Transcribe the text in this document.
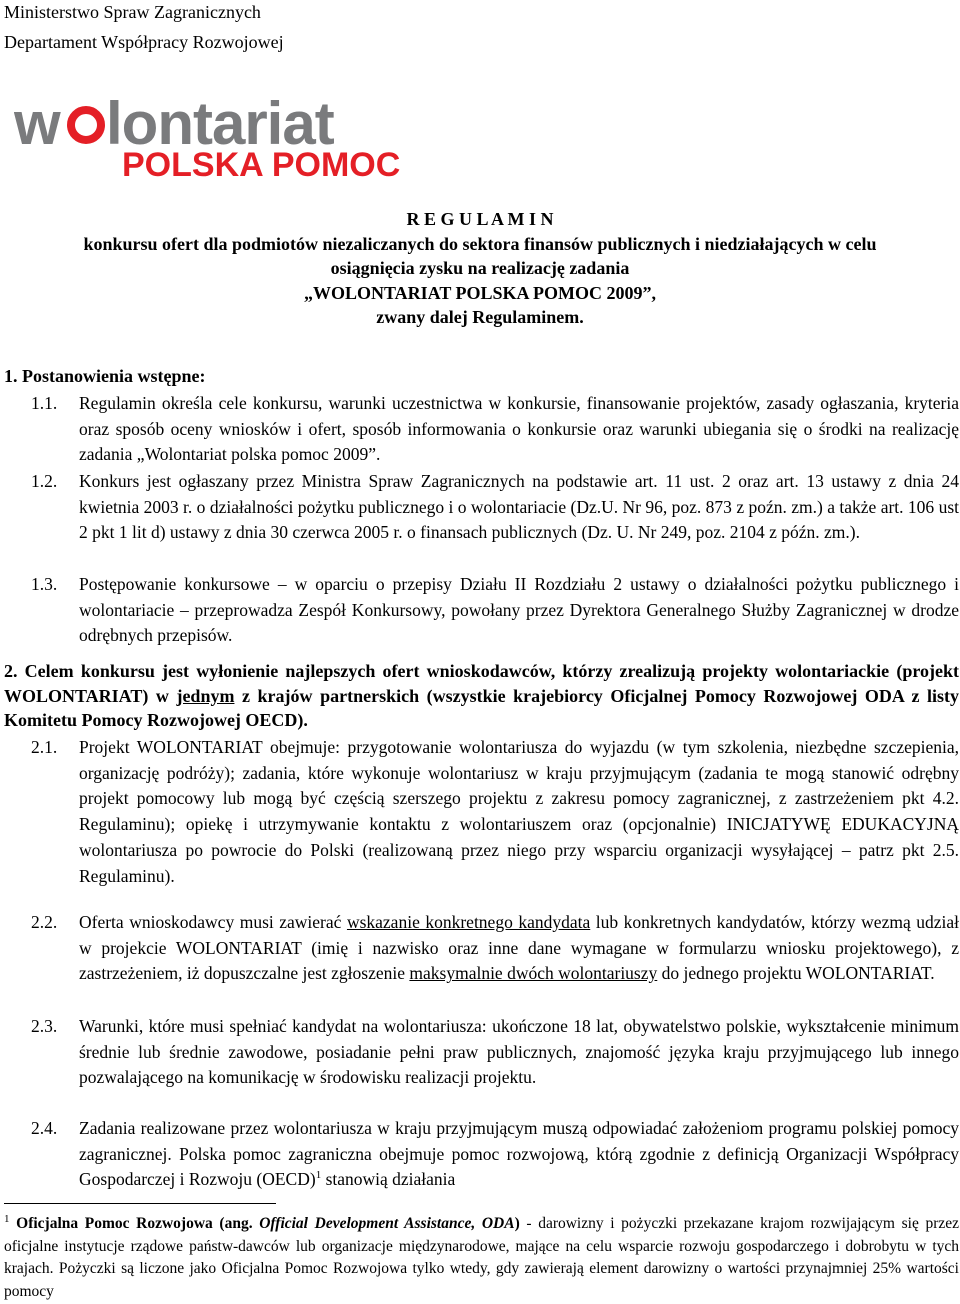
Ministerstwo Spraw Zagranicznych
Departament Współpracy Rozwojowej
w lontariat
POLSKA POMOC
R E G U L A M I N
konkursu ofert dla podmiotów niezaliczanych do sektora finansów publicznych i niedziałających w celu
osiągnięcia zysku na realizację zadania
„WOLONTARIAT POLSKA POMOC 2009”,
zwany dalej Regulaminem.
1. Postanowienia wstępne:
1.1. Regulamin określa cele konkursu, warunki uczestnictwa w konkursie, finansowanie projektów, zasady ogłaszania, kryteria oraz sposób oceny wniosków i ofert, sposób informowania o konkursie oraz warunki ubiegania się o środki na realizację zadania „Wolontariat polska pomoc 2009”.
1.2. Konkurs jest ogłaszany przez Ministra Spraw Zagranicznych na podstawie art. 11 ust. 2 oraz art. 13 ustawy z dnia 24 kwietnia 2003 r. o działalności pożytku publicznego i o wolontariacie (Dz.U. Nr 96, poz. 873 z poźn. zm.) a także art. 106 ust 2 pkt 1 lit d) ustawy z dnia 30 czerwca 2005 r. o finansach publicznych (Dz. U. Nr 249, poz. 2104 z późn. zm.).
1.3. Postępowanie konkursowe – w oparciu o przepisy Działu II Rozdziału 2 ustawy o działalności pożytku publicznego i wolontariacie – przeprowadza Zespół Konkursowy, powołany przez Dyrektora Generalnego Służby Zagranicznej w drodze odrębnych przepisów.
2. Celem konkursu jest wyłonienie najlepszych ofert wnioskodawców, którzy zrealizują projekty wolontariackie (projekt WOLONTARIAT) w jednym z krajów partnerskich (wszystkie krajebiorcy Oficjalnej Pomocy Rozwojowej ODA z listy Komitetu Pomocy Rozwojowej OECD).
2.1. Projekt WOLONTARIAT obejmuje: przygotowanie wolontariusza do wyjazdu (w tym szkolenia, niezbędne szczepienia, organizację podróży); zadania, które wykonuje wolontariusz w kraju przyjmującym (zadania te mogą stanowić odrębny projekt pomocowy lub mogą być częścią szerszego projektu z zakresu pomocy zagranicznej, z zastrzeżeniem pkt 4.2. Regulaminu); opiekę i utrzymywanie kontaktu z wolontariuszem oraz (opcjonalnie) INICJATYWĘ EDUKACYJNĄ wolontariusza po powrocie do Polski (realizowaną przez niego przy wsparciu organizacji wysyłającej – patrz pkt 2.5. Regulaminu).
2.2. Oferta wnioskodawcy musi zawierać wskazanie konkretnego kandydata lub konkretnych kandydatów, którzy wezmą udział w projekcie WOLONTARIAT (imię i nazwisko oraz inne dane wymagane w formularzu wniosku projektowego), z zastrzeżeniem, iż dopuszczalne jest zgłoszenie maksymalnie dwóch wolontariuszy do jednego projektu WOLONTARIAT.
2.3. Warunki, które musi spełniać kandydat na wolontariusza: ukończone 18 lat, obywatelstwo polskie, wykształcenie minimum średnie lub średnie zawodowe, posiadanie pełni praw publicznych, znajomość języka kraju przyjmującego lub innego pozwalającego na komunikację w środowisku realizacji projektu.
2.4. Zadania realizowane przez wolontariusza w kraju przyjmującym muszą odpowiadać założeniom programu polskiej pomocy zagranicznej. Polska pomoc zagraniczna obejmuje pomoc rozwojową, którą zgodnie z definicją Organizacji Współpracy Gospodarczej i Rozwoju (OECD)$^1$ stanowią działania
$^1$ Oficjalna Pomoc Rozwojowa (ang. Official Development Assistance, ODA) - darowizny i pożyczki przekazane krajom rozwijającym się przez oficjalne instytucje rządowe państw-dawców lub organizacje międzynarodowe, mające na celu wsparcie rozwoju gospodarczego i dobrobytu w tych krajach. Pożyczki są liczone jako Oficjalna Pomoc Rozwojowa tylko wtedy, gdy zawierają element darowizny o wartości przynajmniej 25% wartości pomocy
